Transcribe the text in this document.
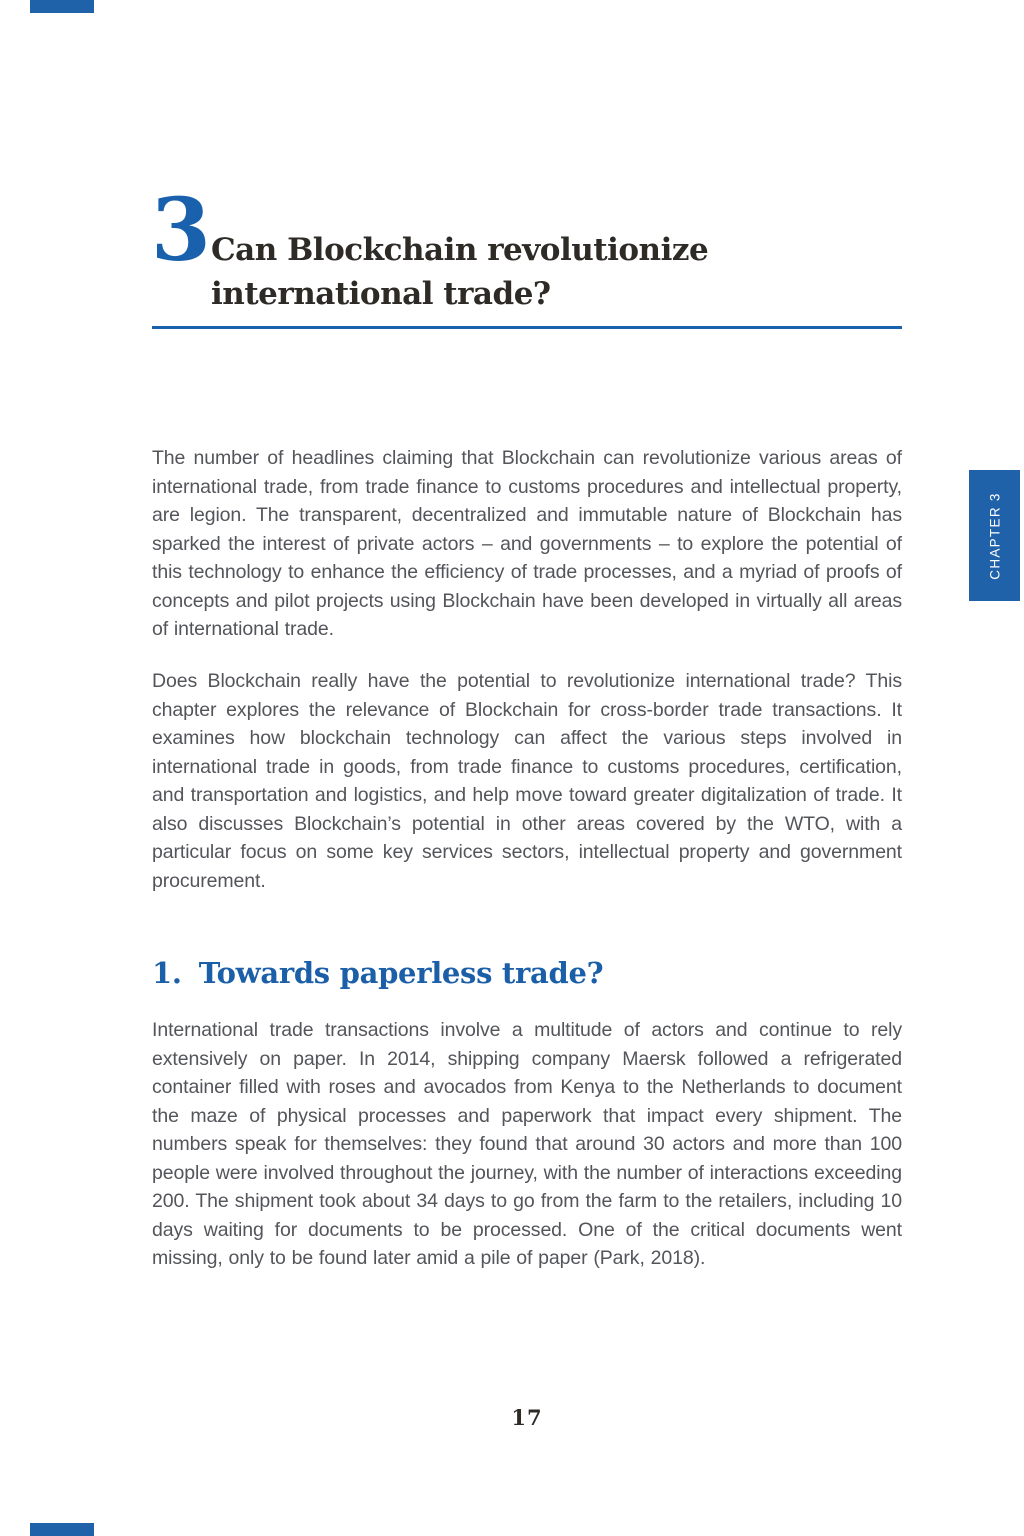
3 Can Blockchain revolutionize
international trade?
CHAPTER 3

The number of headlines claiming that Blockchain can revolutionize various areas of international trade, from trade finance to customs procedures and intellectual property, are legion. The transparent, decentralized and immutable nature of Blockchain has sparked the interest of private actors – and governments – to explore the potential of this technology to enhance the efficiency of trade processes, and a myriad of proofs of concepts and pilot projects using Blockchain have been developed in virtually all areas of international trade.

Does Blockchain really have the potential to revolutionize international trade? This chapter explores the relevance of Blockchain for cross-border trade transactions. It examines how blockchain technology can affect the various steps involved in international trade in goods, from trade finance to customs procedures, certification, and transportation and logistics, and help move toward greater digitalization of trade. It also discusses Blockchain’s potential in other areas covered by the WTO, with a particular focus on some key services sectors, intellectual property and government procurement.

1. Towards paperless trade?

International trade transactions involve a multitude of actors and continue to rely extensively on paper. In 2014, shipping company Maersk followed a refrigerated container filled with roses and avocados from Kenya to the Netherlands to document the maze of physical processes and paperwork that impact every shipment. The numbers speak for themselves: they found that around 30 actors and more than 100 people were involved throughout the journey, with the number of interactions exceeding 200. The shipment took about 34 days to go from the farm to the retailers, including 10 days waiting for documents to be processed. One of the critical documents went missing, only to be found later amid a pile of paper (Park, 2018).

17
